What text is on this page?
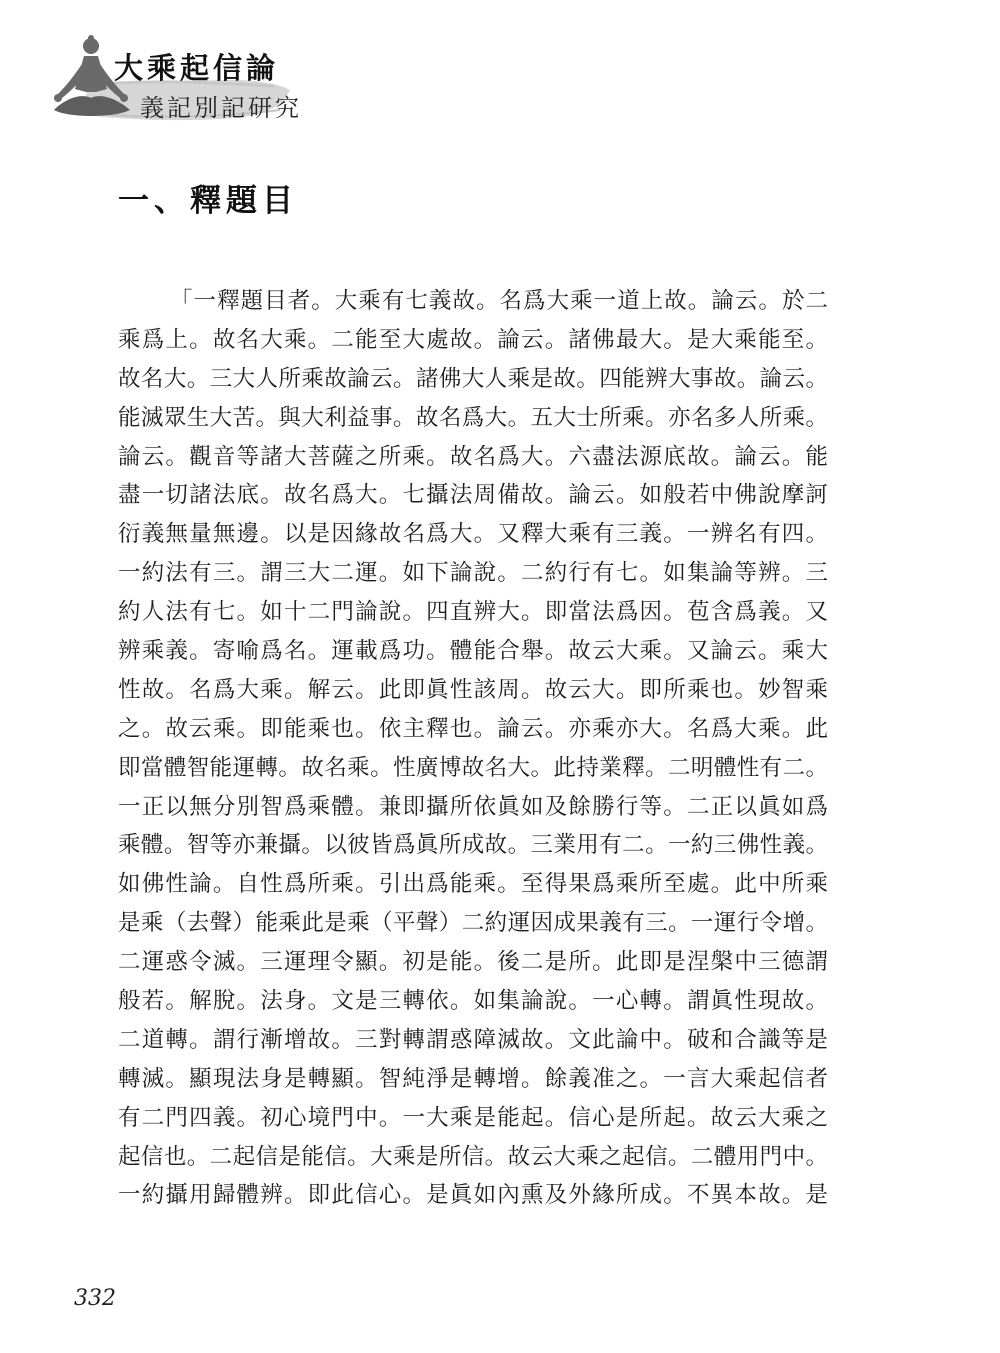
大乘起信論
義記別記研究
一、釋題目
「一釋題目者。大乘有七義故。名爲大乘一道上故。論云。於二
乘爲上。故名大乘。二能至大處故。論云。諸佛最大。是大乘能至。
故名大。三大人所乘故論云。諸佛大人乘是故。四能辨大事故。論云。
能滅眾生大苦。與大利益事。故名爲大。五大士所乘。亦名多人所乘。
論云。觀音等諸大菩薩之所乘。故名爲大。六盡法源底故。論云。能
盡一切諸法底。故名爲大。七攝法周備故。論云。如般若中佛說摩訶
衍義無量無邊。以是因緣故名爲大。又釋大乘有三義。一辨名有四。
一約法有三。謂三大二運。如下論說。二約行有七。如集論等辨。三
約人法有七。如十二門論說。四直辨大。即當法爲因。苞含爲義。又
辨乘義。寄喻爲名。運載爲功。體能合舉。故云大乘。又論云。乘大
性故。名爲大乘。解云。此即眞性該周。故云大。即所乘也。妙智乘
之。故云乘。即能乘也。依主釋也。論云。亦乘亦大。名爲大乘。此
即當體智能運轉。故名乘。性廣博故名大。此持業釋。二明體性有二。
一正以無分別智爲乘體。兼即攝所依眞如及餘勝行等。二正以眞如爲
乘體。智等亦兼攝。以彼皆爲眞所成故。三業用有二。一約三佛性義。
如佛性論。自性爲所乘。引出爲能乘。至得果爲乘所至處。此中所乘
是乘（去聲）能乘此是乘（平聲）二約運因成果義有三。一運行令增。
二運惑令滅。三運理令顯。初是能。後二是所。此即是涅槃中三德謂
般若。解脫。法身。文是三轉依。如集論說。一心轉。謂眞性現故。
二道轉。謂行漸增故。三對轉謂惑障滅故。文此論中。破和合識等是
轉滅。顯現法身是轉顯。智純淨是轉增。餘義准之。一言大乘起信者
有二門四義。初心境門中。一大乘是能起。信心是所起。故云大乘之
起信也。二起信是能信。大乘是所信。故云大乘之起信。二體用門中。
一約攝用歸體辨。即此信心。是眞如內熏及外緣所成。不異本故。是
332
